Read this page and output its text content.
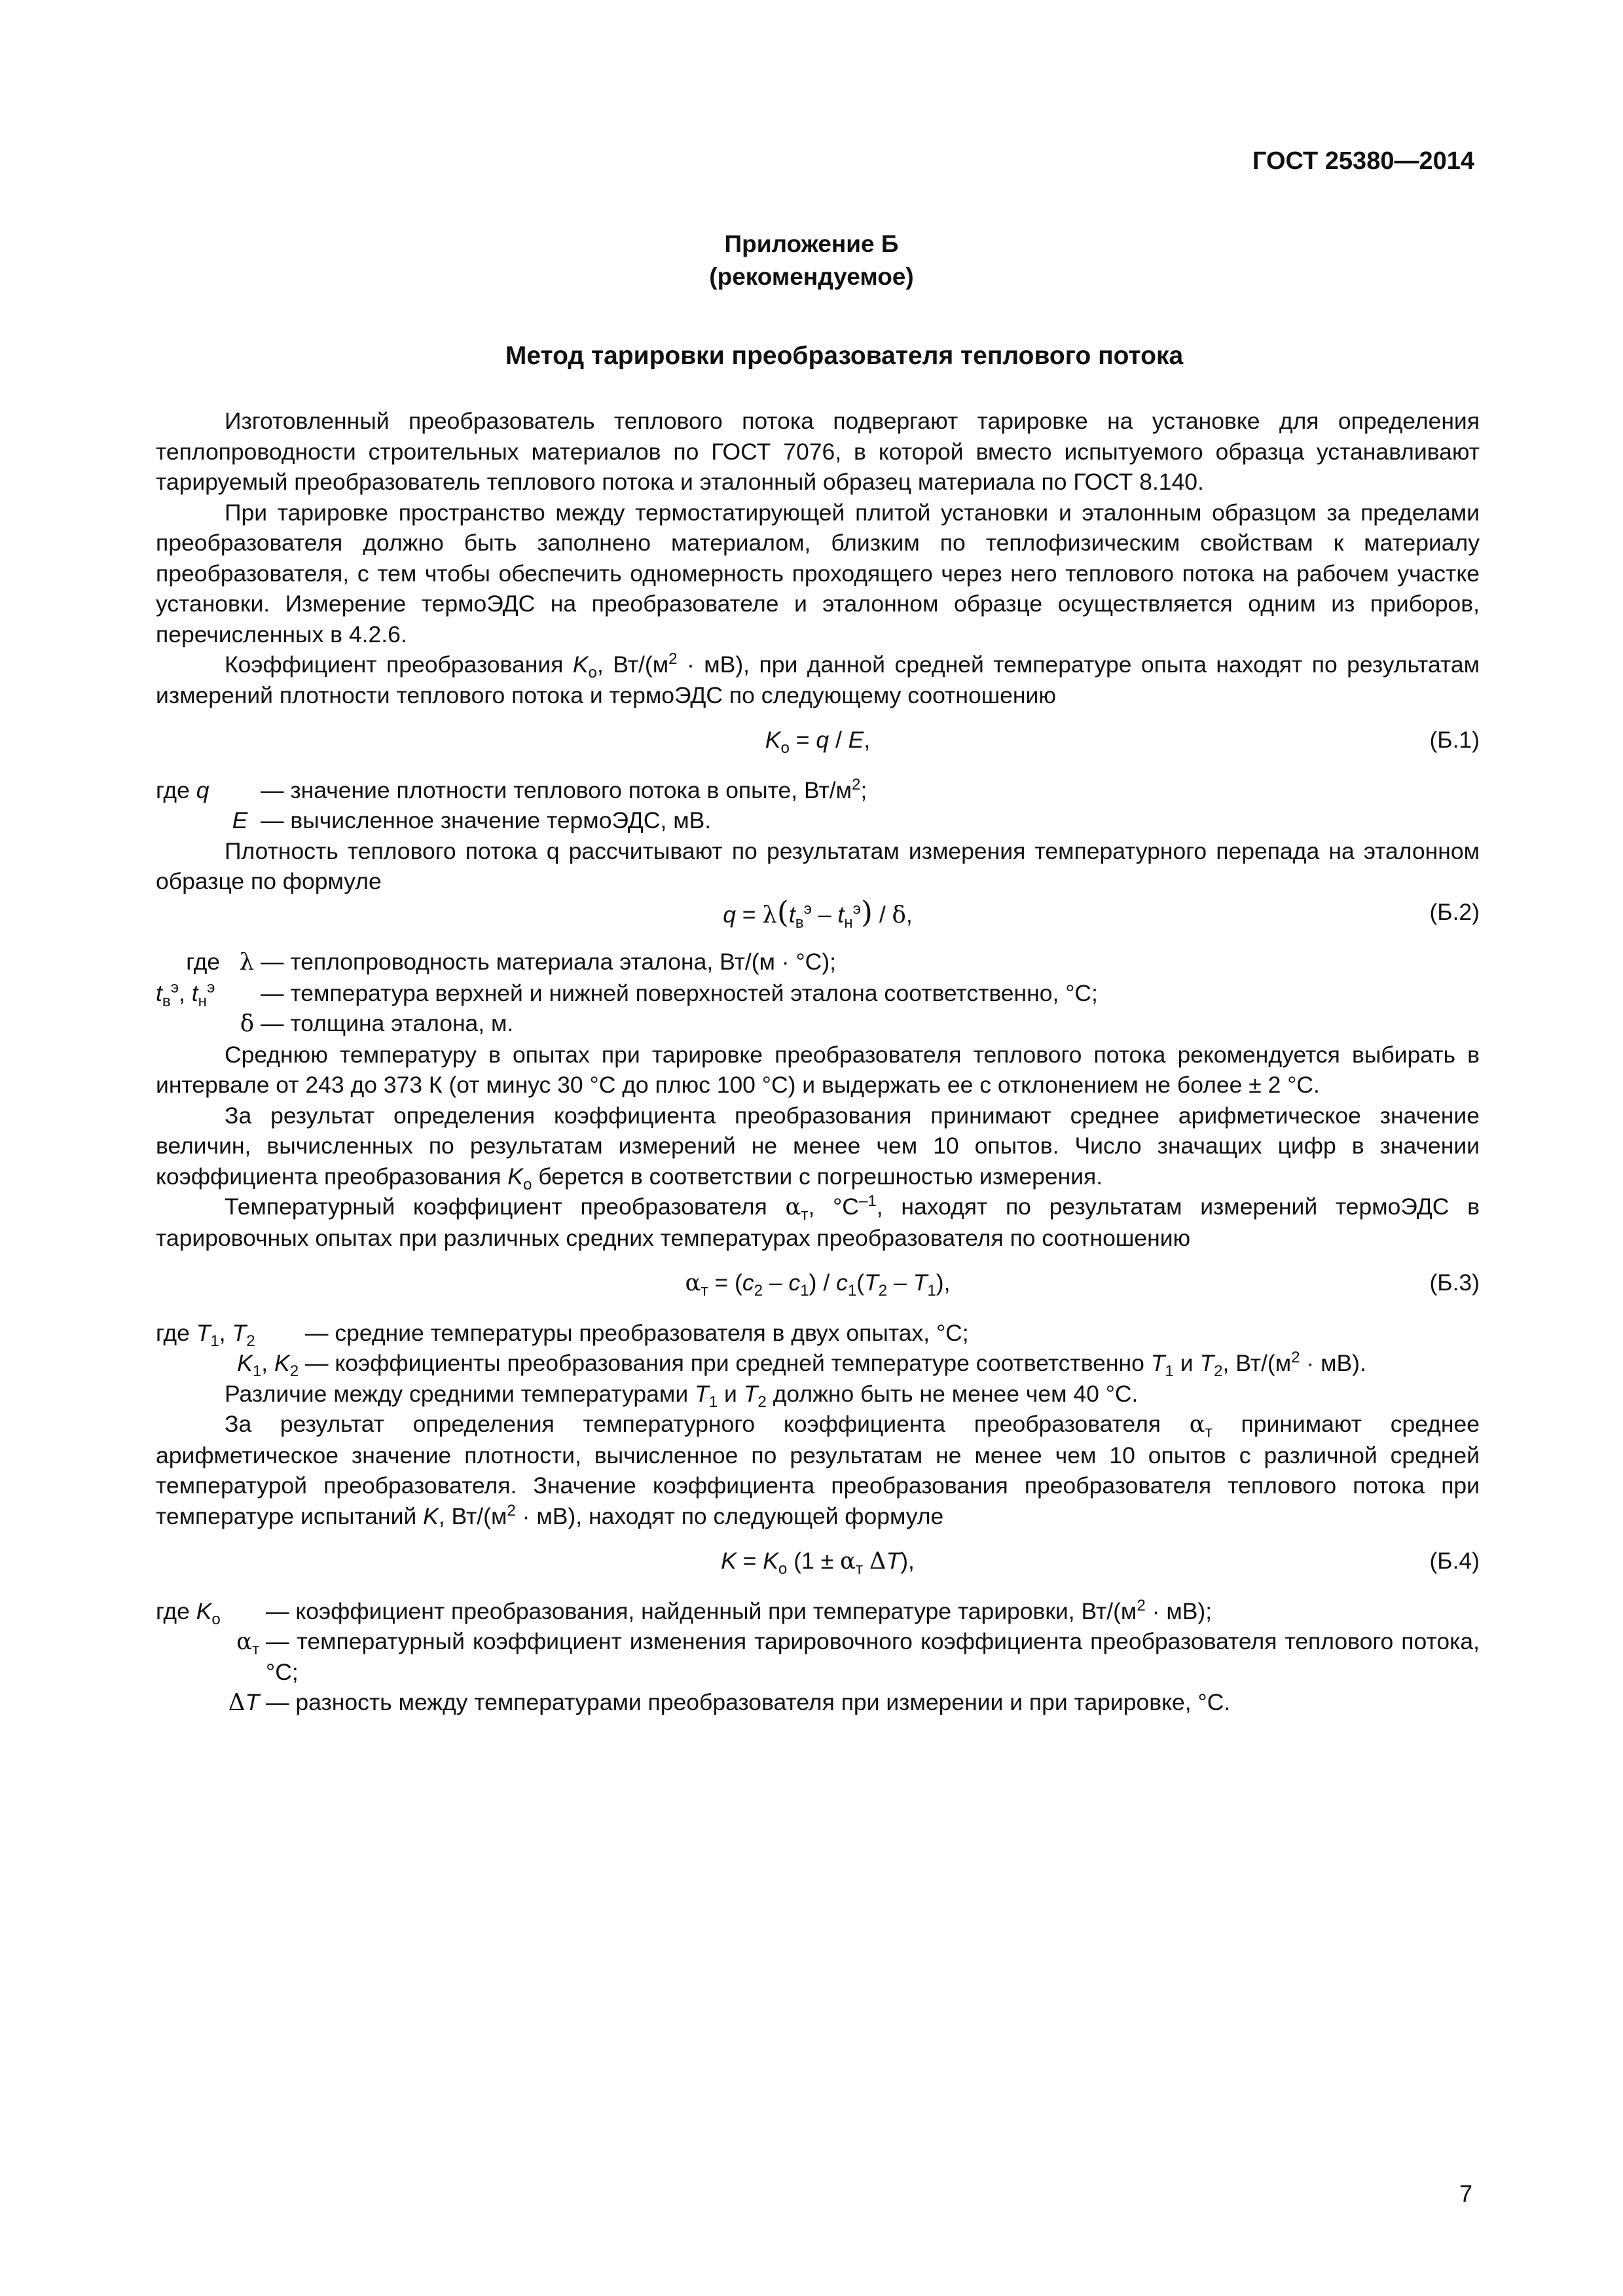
ГОСТ 25380—2014
Приложение Б
(рекомендуемое)
Метод тарировки преобразователя теплового потока

Изготовленный преобразователь теплового потока подвергают тарировке на установке для определения теплопроводности строительных материалов по ГОСТ 7076, в которой вместо испытуемого образца устанавливают тарируемый преобразователь теплового потока и эталонный образец материала по ГОСТ 8.140.

При тарировке пространство между термостатирующей плитой установки и эталонным образцом за пределами преобразователя должно быть заполнено материалом, близким по теплофизическим свойствам к материалу преобразователя, с тем чтобы обеспечить одномерность проходящего через него теплового потока на рабочем участке установки. Измерение термоЭДС на преобразователе и эталонном образце осуществляется одним из приборов, перечисленных в 4.2.6.

Коэффициент преобразования $K_о$, $Вт/(м^2 \cdot мВ)$, при данной средней температуре опыта находят по результатам измерений плотности теплового потока и термоЭДС по следующему соотношению

$K_о = q / E$,	(Б.1)
где q	— значение плотности теплового потока в опыте, $Вт/м^2$;
E — вычисленное значение термоЭДС, мВ.

Плотность теплового потока q рассчитывают по результатам измерения температурного перепада на эталонном образце по формуле

$q = \lambda(t_в^э - t_н^э) / \delta$,	(Б.2)
где   λ — теплопроводность материала эталона, Вт/(м · °С);
$t_в^э$, $t_н^э$	— температура верхней и нижней поверхностей эталона соответственно, °С;
δ — толщина эталона, м.

Среднюю температуру в опытах при тарировке преобразователя теплового потока рекомендуется выбирать в интервале от 243 до 373 К (от минус 30 °С до плюс 100 °С) и выдержать ее с отклонением не более ± 2 °С.

За результат определения коэффициента преобразования принимают среднее арифметическое значение величин, вычисленных по результатам измерений не менее чем 10 опытов. Число значащих цифр в значении коэффициента преобразования $K_о$ берется в соответствии с погрешностью измерения.

Температурный коэффициент преобразователя $\alpha_т$, $^\circ С^{-1}$, находят по результатам измерений термоЭДС в тарировочных опытах при различных средних температурах преобразователя по соотношению

$\alpha_т = (c_2 - c_1) / c_1(T_2 - T_1)$,	(Б.3)
где $T_1$, $T_2$	— средние температуры преобразователя в двух опытах, °С;
$K_1$, $K_2$ — коэффициенты преобразования при средней температуре соответственно $T_1$ и $T_2$, $Вт/(м^2 \cdot мВ)$.

Различие между средними температурами $T_1$ и $T_2$ должно быть не менее чем 40 °С.

За результат определения температурного коэффициента преобразователя $\alpha_т$ принимают среднее арифметическое значение плотности, вычисленное по результатам не менее чем 10 опытов с различной средней температурой преобразователя. Значение коэффициента преобразования преобразователя теплового потока при температуре испытаний K, $Вт/(м^2 \cdot мВ)$, находят по следующей формуле

$K = K_о$ ($1 \pm \alpha_т$ ΔT),	(Б.4)
где $K_о$	— коэффициент преобразования, найденный при температуре тарировки, $Вт/(м^2 \cdot мВ)$;
$\alpha_т$ — температурный коэффициент изменения тарировочного коэффициента преобразователя теплового потока, °С;
ΔT — разность между температурами преобразователя при измерении и при тарировке, °С.
7
